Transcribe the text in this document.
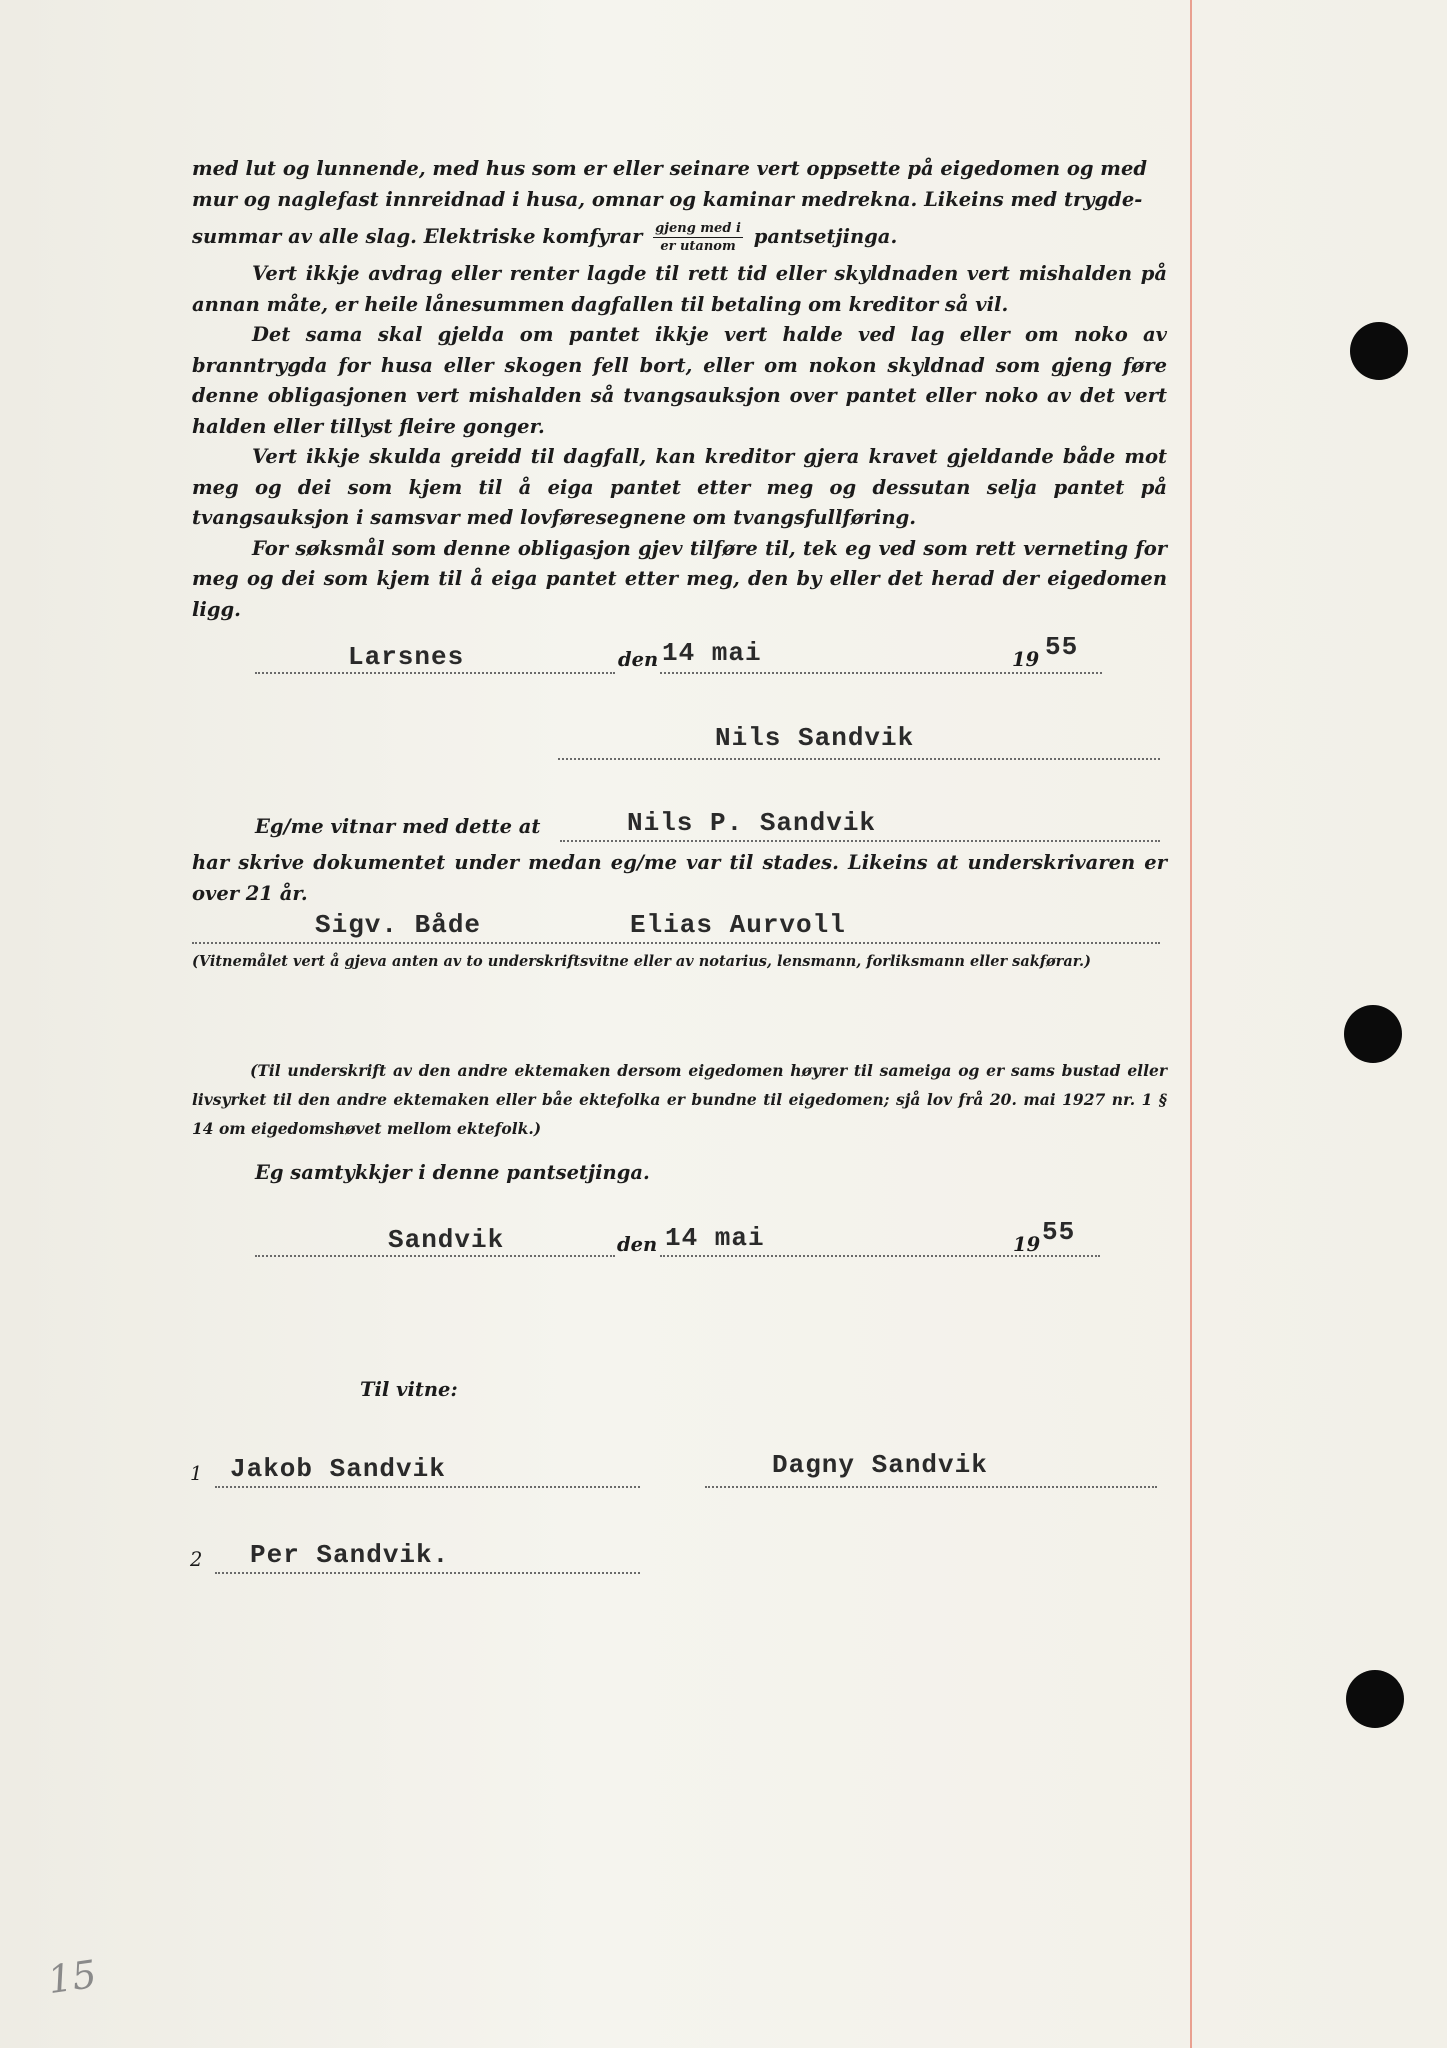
med lut og lunnende, med hus som er eller seinare vert oppsette på eigedomen og med

mur og naglefast innreidnad i husa, omnar og kaminar medrekna. Likeins med trygde-

summar av alle slag. Elektriske komfyrar $\frac{\text{gjeng med i}}{\text{er utanom}}$ pantsetjinga.

Vert ikkje avdrag eller renter lagde til rett tid eller skyldnaden vert mishalden på annan måte, er heile lånesummen dagfallen til betaling om kreditor så vil.

Det sama skal gjelda om pantet ikkje vert halde ved lag eller om noko av branntrygda for husa eller skogen fell bort, eller om nokon skyldnad som gjeng føre denne obligasjonen vert mishalden så tvangsauksjon over pantet eller noko av det vert halden eller tillyst fleire gonger.

Vert ikkje skulda greidd til dagfall, kan kreditor gjera kravet gjeldande både mot meg og dei som kjem til å eiga pantet etter meg og dessutan selja pantet på tvangsauksjon i samsvar med lovføresegnene om tvangsfullføring.

For søksmål som denne obligasjon gjev tilføre til, tek eg ved som rett verneting for meg og dei som kjem til å eiga pantet etter meg, den by eller det herad der eigedomen ligg.

Larsnes	den 14 mai	19 55
Nils Sandvik
Eg/me vitnar med dette at	Nils P. Sandvik
har skrive dokumentet under medan eg/me var til stades. Likeins at underskrivaren er over 21 år.
Sigv. Både	Elias Aurvoll
(Vitnemålet vert å gjeva anten av to underskriftsvitne eller av notarius, lensmann, forliksmann eller sakførar.)
(Til underskrift av den andre ektemaken dersom eigedomen høyrer til sameiga og er sams bustad eller livsyrket til den andre ektemaken eller båe ektefolka er bundne til eigedomen; sjå lov frå 20. mai 1927 nr. 1 § 14 om eigedomshøvet mellom ektefolk.)
Eg samtykkjer i denne pantsetjinga.
Sandvik	den 14 mai	19 55
Til vitne:
1 Jakob Sandvik	Dagny Sandvik
2 Per Sandvik.
15
